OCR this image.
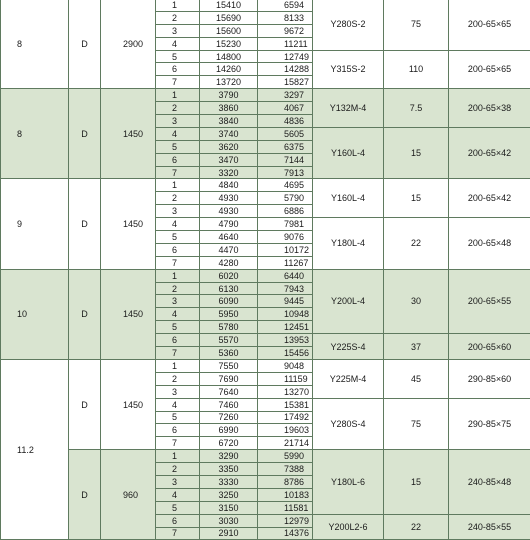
8	D	2900	1	15410	6594	Y280S-2	75	200-65×65
			2	15690	8133			
			3	15600	9672			
			4	15230	11211			
			5	14800	12749	Y315S-2	110	200-65×65
			6	14260	14288			
			7	13720	15827			
8	D	1450	1	3790	3297	Y132M-4	7.5	200-65×38
			2	3860	4067			
			3	3840	4836			
			4	3740	5605	Y160L-4	15	200-65×42
			5	3620	6375			
			6	3470	7144			
			7	3320	7913			
9	D	1450	1	4840	4695	Y160L-4	15	200-65×42
			2	4930	5790			
			3	4930	6886			
			4	4790	7981	Y180L-4	22	200-65×48
			5	4640	9076			
			6	4470	10172			
			7	4280	11267			
10	D	1450	1	6020	6440	Y200L-4	30	200-65×55
			2	6130	7943			
			3	6090	9445			
			4	5950	10948			
			5	5780	12451			
			6	5570	13953	Y225S-4	37	200-65×60
			7	5360	15456			
11.2	D	1450	1	7550	9048	Y225M-4	45	290-85×60
			2	7690	11159			
			3	7640	13270			
			4	7460	15381	Y280S-4	75	290-85×75
			5	7260	17492			
			6	6990	19603			
			7	6720	21714			
	D	960	1	3290	5990	Y180L-6	15	240-85×48
			2	3350	7388			
			3	3330	8786			
			4	3250	10183			
			5	3150	11581			
			6	3030	12979	Y200L2-6	22	240-85×55
			7	2910	14376			
